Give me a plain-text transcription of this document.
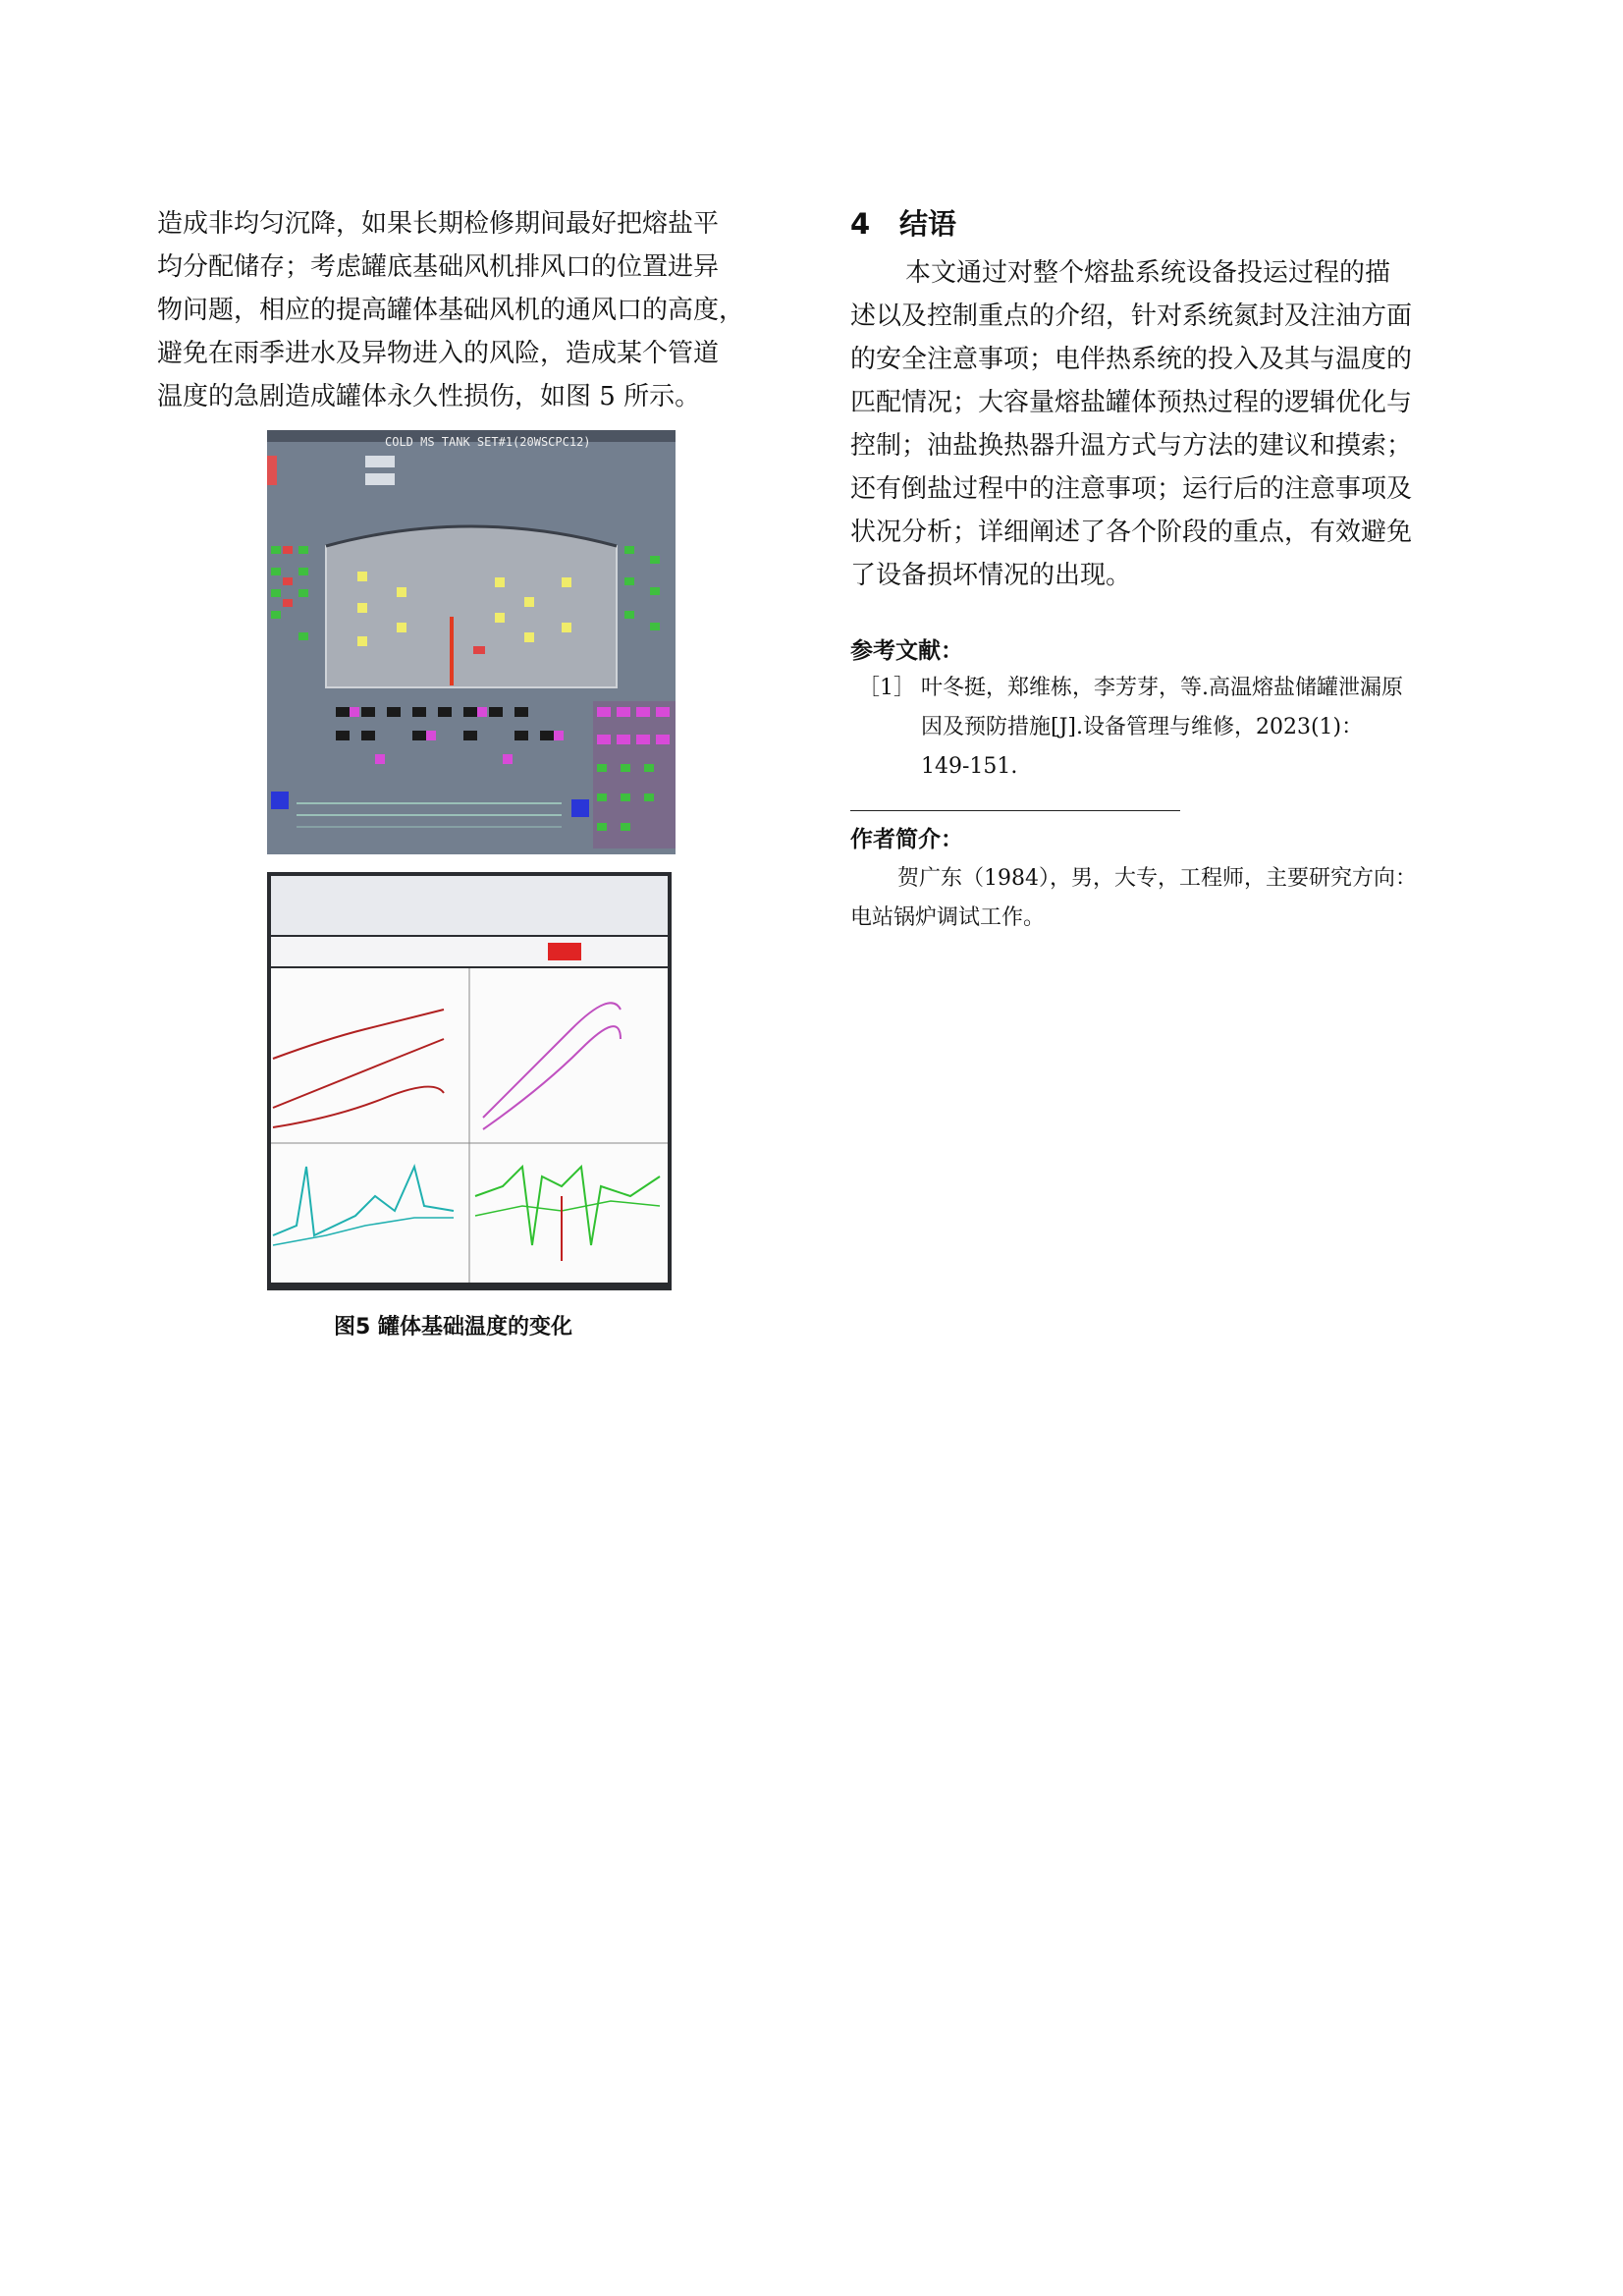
造成非均匀沉降，如果长期检修期间最好把熔盐平
均分配储存；考虑罐底基础风机排风口的位置进异
物问题，相应的提高罐体基础风机的通风口的高度，
避免在雨季进水及异物进入的风险，造成某个管道
温度的急剧造成罐体永久性损伤，如图 5 所示。

COLD MS TANK SET#1(20WSCPC12)
图5 罐体基础温度的变化
4 结语

本文通过对整个熔盐系统设备投运过程的描
述以及控制重点的介绍，针对系统氮封及注油方面
的安全注意事项；电伴热系统的投入及其与温度的
匹配情况；大容量熔盐罐体预热过程的逻辑优化与
控制；油盐换热器升温方式与方法的建议和摸索；
还有倒盐过程中的注意事项；运行后的注意事项及
状况分析；详细阐述了各个阶段的重点，有效避免
了设备损坏情况的出现。

参考文献：
［1］ 叶冬挺，郑维栋，李芳芽，等.高温熔盐储罐泄漏原
因及预防措施[J].设备管理与维修，2023(1)：
149-151.
作者简介：
贺广东（1984），男，大专，工程师，主要研究方向：
电站锅炉调试工作。
